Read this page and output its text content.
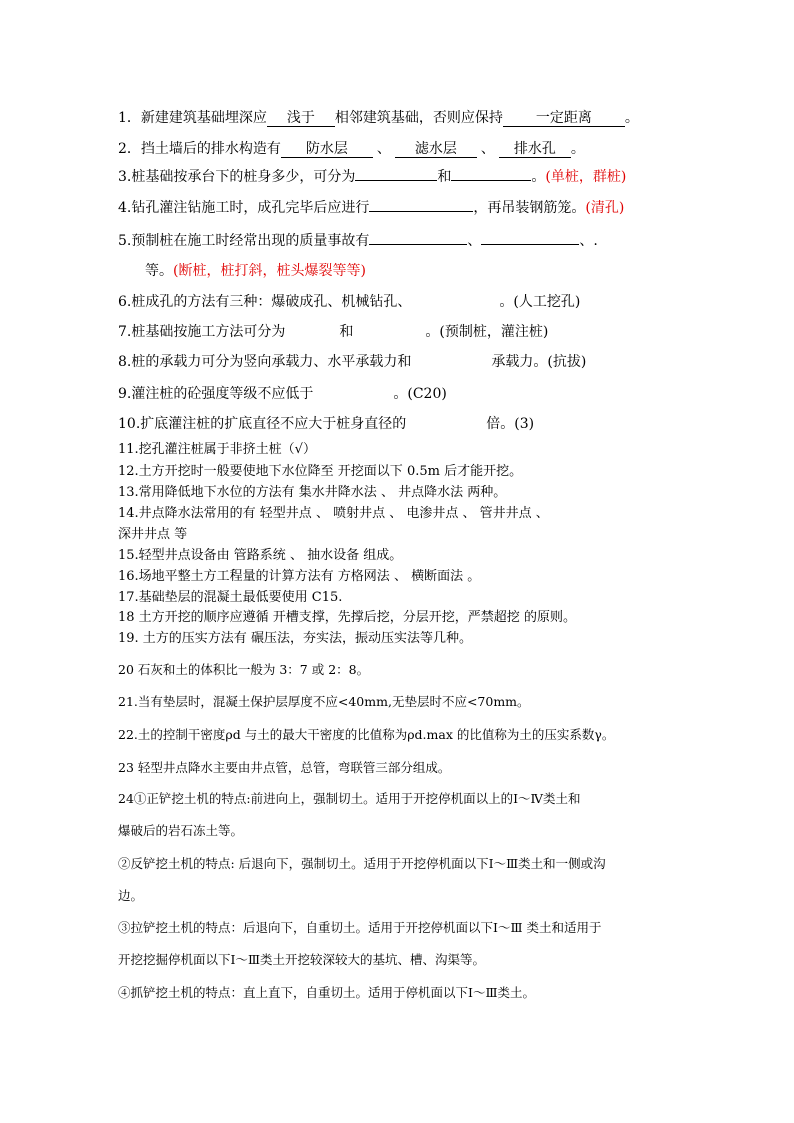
1．新建建筑基础埋深应 浅于 相邻建筑基础，否则应保持 一定距离 。
2．挡土墙后的排水构造有 防水层 、 滤水层 、 排水孔 。
3.桩基础按承台下的桩身多少，可分为	和	。(单桩，群桩)
4.钻孔灌注钻施工时，成孔完毕后应进行	，再吊装钢筋笼。(清孔)
5.预制桩在施工时经常出现的质量事故有	、	、.
等。(断桩，桩打斜，桩头爆裂等等)
6.桩成孔的方法有三种：爆破成孔、机械钻孔、	。(人工挖孔)
7.桩基础按施工方法可分为	和	。(预制桩，灌注桩)
8.桩的承载力可分为竖向承载力、水平承载力和	承载力。(抗拔)
9.灌注桩的砼强度等级不应低于	。(C20)
10.扩底灌注桩的扩底直径不应大于桩身直径的	倍。(3)
11.挖孔灌注桩属于非挤土桩（√）
12.土方开挖时一般要使地下水位降至 开挖面以下 0.5m 后才能开挖。
13.常用降低地下水位的方法有 集水井降水法 、 井点降水法 两种。
14.井点降水法常用的有 轻型井点 、 喷射井点 、 电渗井点 、 管井井点 、
深井井点 等
15.轻型井点设备由 管路系统 、 抽水设备 组成。
16.场地平整土方工程量的计算方法有 方格网法 、 横断面法 。
17.基础垫层的混凝土最低要使用 C15.
18 土方开挖的顺序应遵循 开槽支撑，先撑后挖，分层开挖，严禁超挖 的原则。
19. 土方的压实方法有 碾压法，夯实法，振动压实法等几种。
20 石灰和土的体积比一般为 3：7 或 2：8。
21.当有垫层时，混凝土保护层厚度不应<40mm,无垫层时不应<70mm。
22.土的控制干密度ρd 与土的最大干密度的比值称为ρd.max 的比值称为土的压实系数γ。
23 轻型井点降水主要由井点管，总管，弯联管三部分组成。
24①正铲挖土机的特点:前进向上，强制切土。适用于开挖停机面以上的Ⅰ～Ⅳ类土和
爆破后的岩石冻土等。
②反铲挖土机的特点: 后退向下，强制切土。适用于开挖停机面以下Ⅰ～Ⅲ类土和一侧或沟
边。
③拉铲挖土机的特点：后退向下，自重切土。适用于开挖停机面以下Ⅰ～Ⅲ 类土和适用于
开挖挖掘停机面以下Ⅰ～Ⅲ类土开挖较深较大的基坑、槽、沟渠等。
④抓铲挖土机的特点：直上直下，自重切土。适用于停机面以下Ⅰ～Ⅲ类土。
